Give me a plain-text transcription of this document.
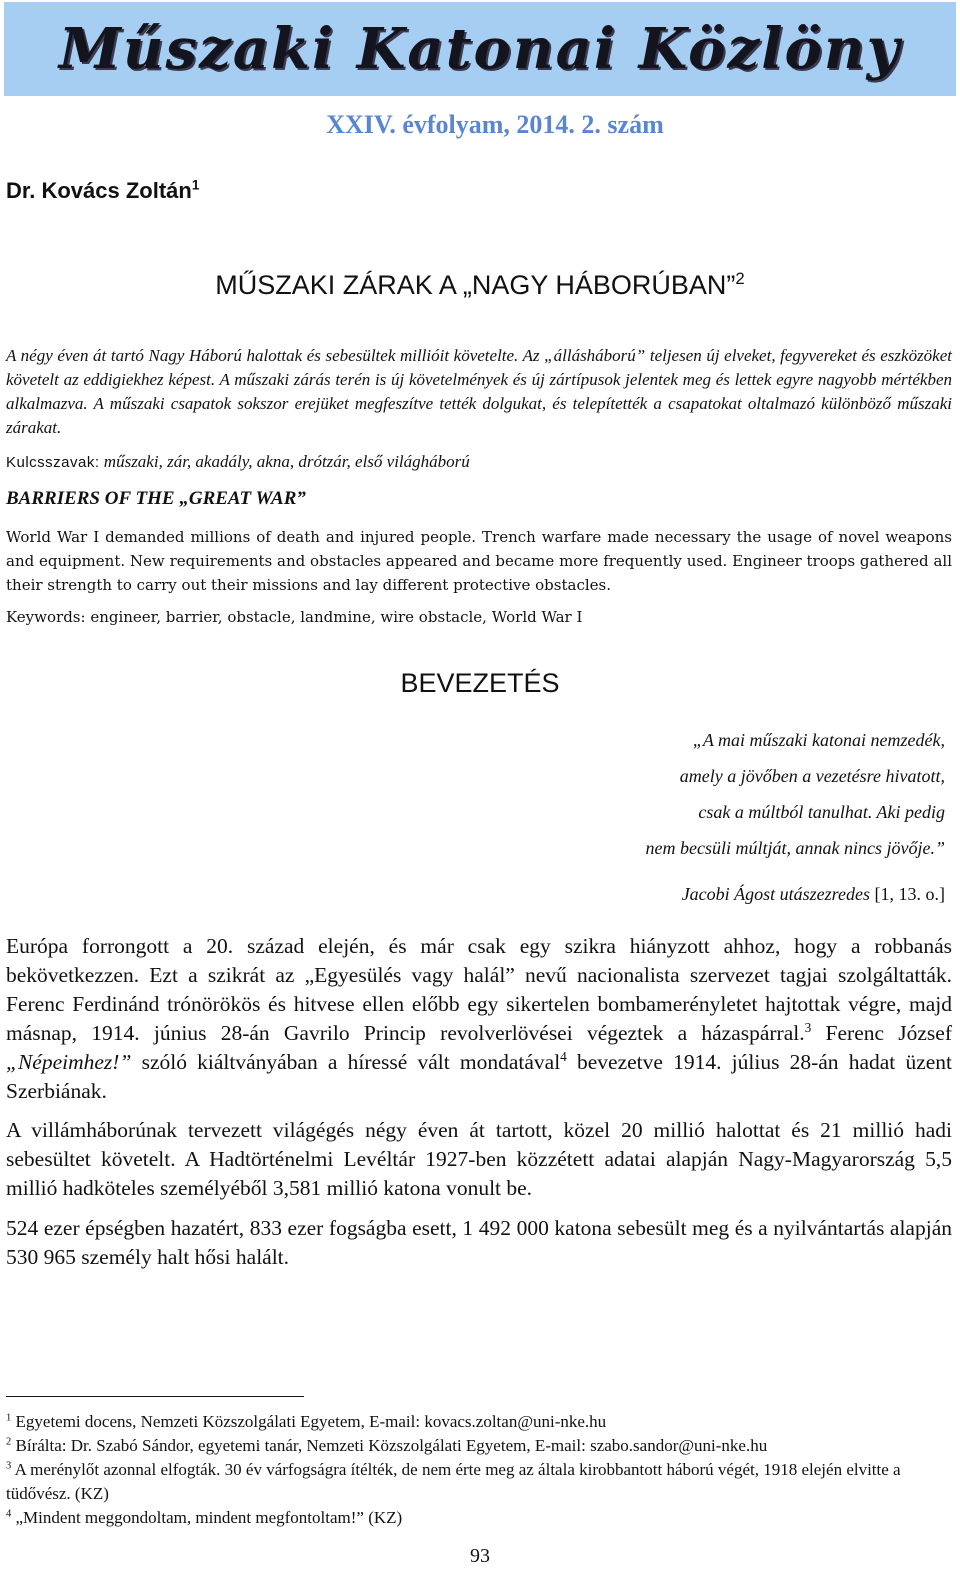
Műszaki Katonai Közlöny
XXIV. évfolyam, 2014. 2. szám
Dr. Kovács Zoltán$^1$
MŰSZAKI ZÁRAK A „NAGY HÁBORÚBAN”$^2$

A négy éven át tartó Nagy Háború halottak és sebesültek millióit követelte. Az „állásháború” teljesen új elveket, fegyvereket és eszközöket követelt az eddigiekhez képest. A műszaki zárás terén is új követelmények és új zártípusok jelentek meg és lettek egyre nagyobb mértékben alkalmazva. A műszaki csapatok sokszor erejüket megfeszítve tették dolgukat, és telepítették a csapatokat oltalmazó különböző műszaki zárakat.

Kulcsszavak: műszaki, zár, akadály, akna, drótzár, első világháború
BARRIERS OF THE „GREAT WAR”

World War I demanded millions of death and injured people. Trench warfare made necessary the usage of novel weapons and equipment. New requirements and obstacles appeared and became more frequently used. Engineer troops gathered all their strength to carry out their missions and lay different protective obstacles.

Keywords: engineer, barrier, obstacle, landmine, wire obstacle, World War I
BEVEZETÉS
„A mai műszaki katonai nemzedék,
amely a jövőben a vezetésre hivatott,
csak a múltból tanulhat. Aki pedig
nem becsüli múltját, annak nincs jövője.”
Jacobi Ágost utászezredes [1, 13. o.]

Európa forrongott a 20. század elején, és már csak egy szikra hiányzott ahhoz, hogy a robbanás bekövetkezzen. Ezt a szikrát az „Egyesülés vagy halál” nevű nacionalista szervezet tagjai szolgáltatták. Ferenc Ferdinánd trónörökös és hitvese ellen előbb egy sikertelen bombamerényletet hajtottak végre, majd másnap, 1914. június 28-án Gavrilo Princip revolverlövései végeztek a házaspárral.$^3$ Ferenc József „Népeimhez!” szóló kiáltványában a híressé vált mondatával$^4$ bevezetve 1914. július 28-án hadat üzent Szerbiának.

A villámháborúnak tervezett világégés négy éven át tartott, közel 20 millió halottat és 21 millió hadi sebesültet követelt. A Hadtörténelmi Levéltár 1927-ben közzétett adatai alapján Nagy-Magyarország 5,5 millió hadköteles személyéből 3,581 millió katona vonult be.

524 ezer épségben hazatért, 833 ezer fogságba esett, 1 492 000 katona sebesült meg és a nyilvántartás alapján 530 965 személy halt hősi halált.

$^1$ Egyetemi docens, Nemzeti Közszolgálati Egyetem, E-mail: kovacs.zoltan@uni-nke.hu
$^2$ Bírálta: Dr. Szabó Sándor, egyetemi tanár, Nemzeti Közszolgálati Egyetem, E-mail: szabo.sandor@uni-nke.hu
$^3$ A merénylőt azonnal elfogták. 30 év várfogságra ítélték, de nem érte meg az általa kirobbantott háború végét, 1918 elején elvitte a tüdővész. (KZ)
$^4$ „Mindent meggondoltam, mindent megfontoltam!” (KZ)
93
